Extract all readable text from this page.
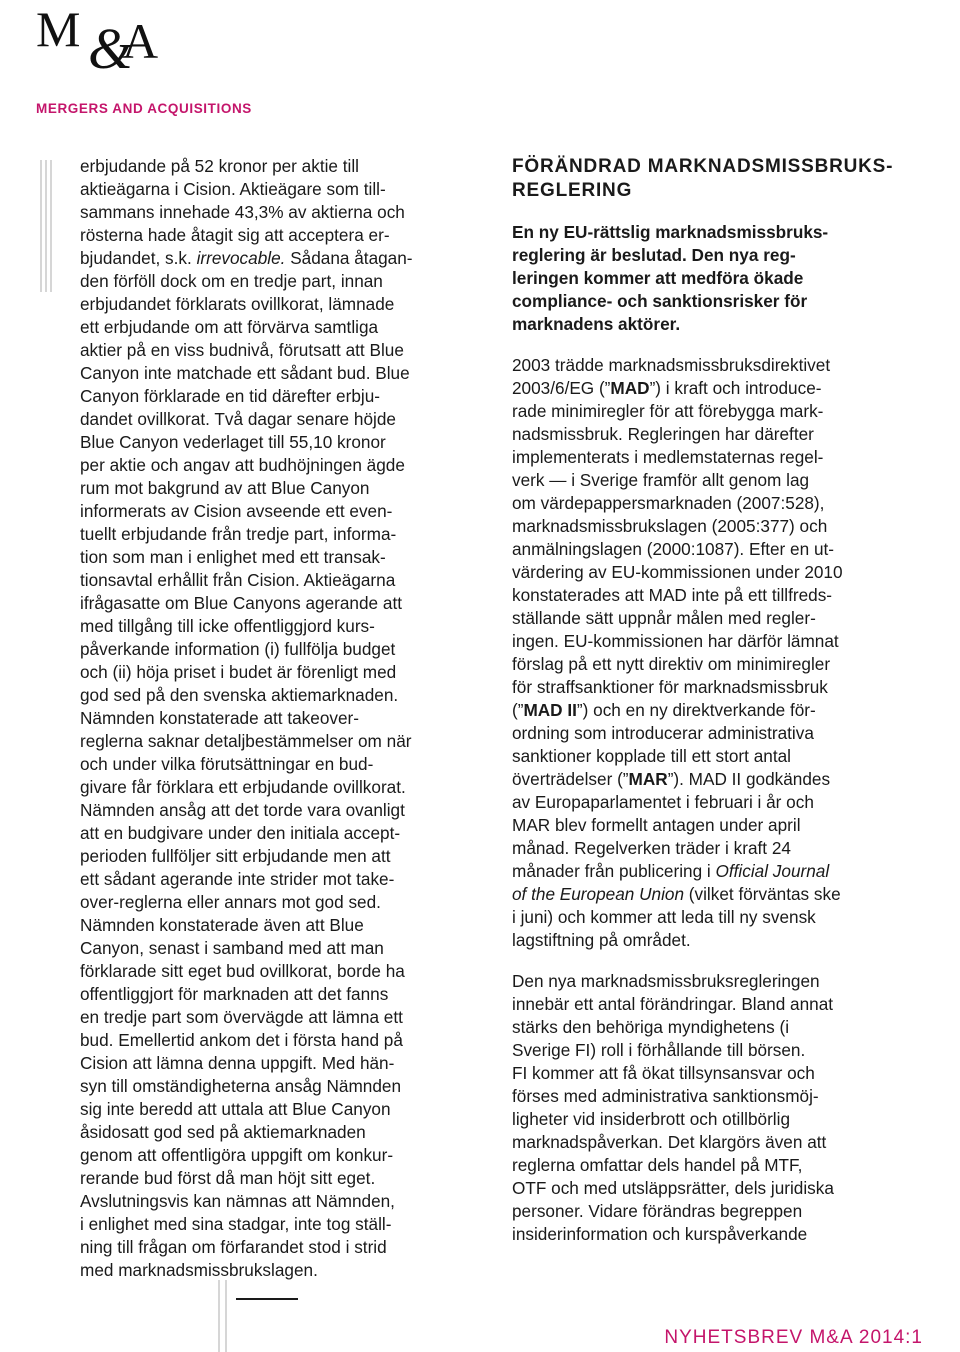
M &
A
MERGERS AND ACQUISITIONS

erbjudande på 52 kronor per aktie till
aktieägarna i Cision. Aktieägare som till-
sammans innehade 43,3% av aktierna och
rösterna hade åtagit sig att acceptera er-
bjudandet, s.k. irrevocable. Sådana åtagan-
den förföll dock om en tredje part, innan
erbjudandet förklarats ovillkorat, lämnade
ett erbjudande om att förvärva samtliga
aktier på en viss budnivå, förutsatt att Blue
Canyon inte matchade ett sådant bud. Blue
Canyon förklarade en tid därefter erbju-
dandet ovillkorat. Två dagar senare höjde
Blue Canyon vederlaget till 55,10 kronor
per aktie och angav att budhöjningen ägde
rum mot bakgrund av att Blue Canyon
informerats av Cision avseende ett even-
tuellt erbjudande från tredje part, informa-
tion som man i enlighet med ett transak-
tionsavtal erhållit från Cision. Aktieägarna
ifrågasatte om Blue Canyons agerande att
med tillgång till icke offentliggjord kurs-
påverkande information (i) fullfölja budget
och (ii) höja priset i budet är förenligt med
god sed på den svenska aktiemarknaden.
Nämnden konstaterade att takeover-
reglerna saknar detaljbestämmelser om när
och under vilka förutsättningar en bud-
givare får förklara ett erbjudande ovillkorat.
Nämnden ansåg att det torde vara ovanligt
att en budgivare under den initiala accept-
perioden fullföljer sitt erbjudande men att
ett sådant agerande inte strider mot take-
over-reglerna eller annars mot god sed.
Nämnden konstaterade även att Blue
Canyon, senast i samband med att man
förklarade sitt eget bud ovillkorat, borde ha
offentliggjort för marknaden att det fanns
en tredje part som övervägde att lämna ett
bud. Emellertid ankom det i första hand på
Cision att lämna denna uppgift. Med hän-
syn till omständigheterna ansåg Nämnden
sig inte beredd att uttala att Blue Canyon
åsidosatt god sed på aktiemarknaden
genom att offentligöra uppgift om konkur-
rerande bud först då man höjt sitt eget.
Avslutningsvis kan nämnas att Nämnden,
i enlighet med sina stadgar, inte tog ställ-
ning till frågan om förfarandet stod i strid
med marknadsmissbrukslagen.

FÖRÄNDRAD MARKNADSMISSBRUKS-
REGLERING

En ny EU-rättslig marknadsmissbruks-
reglering är beslutad. Den nya reg-
leringen kommer att medföra ökade
compliance- och sanktionsrisker för
marknadens aktörer.

2003 trädde marknadsmissbruksdirektivet
2003/6/EG (”MAD”) i kraft och introduce-
rade minimiregler för att förebygga mark-
nadsmissbruk. Regleringen har därefter
implementerats i medlemstaternas regel-
verk — i Sverige framför allt genom lag
om värdepappersmarknaden (2007:528),
marknadsmissbrukslagen (2005:377) och
anmälningslagen (2000:1087). Efter en ut-
värdering av EU-kommissionen under 2010
konstaterades att MAD inte på ett tillfreds-
ställande sätt uppnår målen med regler-
ingen. EU-kommissionen har därför lämnat
förslag på ett nytt direktiv om minimiregler
för straffsanktioner för marknadsmissbruk
(”MAD II”) och en ny direktverkande för-
ordning som introducerar administrativa
sanktioner kopplade till ett stort antal
överträdelser (”MAR”). MAD II godkändes
av Europaparlamentet i februari i år och
MAR blev formellt antagen under april
månad. Regelverken träder i kraft 24
månader från publicering i Official Journal
of the European Union (vilket förväntas ske
i juni) och kommer att leda till ny svensk
lagstiftning på området.

Den nya marknadsmissbruksregleringen
innebär ett antal förändringar. Bland annat
stärks den behöriga myndighetens (i
Sverige FI) roll i förhållande till börsen.
FI kommer att få ökat tillsynsansvar och
förses med administrativa sanktionsmöj-
ligheter vid insiderbrott och otillbörlig
marknadspåverkan. Det klargörs även att
reglerna omfattar dels handel på MTF,
OTF och med utsläppsrätter, dels juridiska
personer. Vidare förändras begreppen
insiderinformation och kurspåverkande

NYHETSBREV M&A 2014:1
